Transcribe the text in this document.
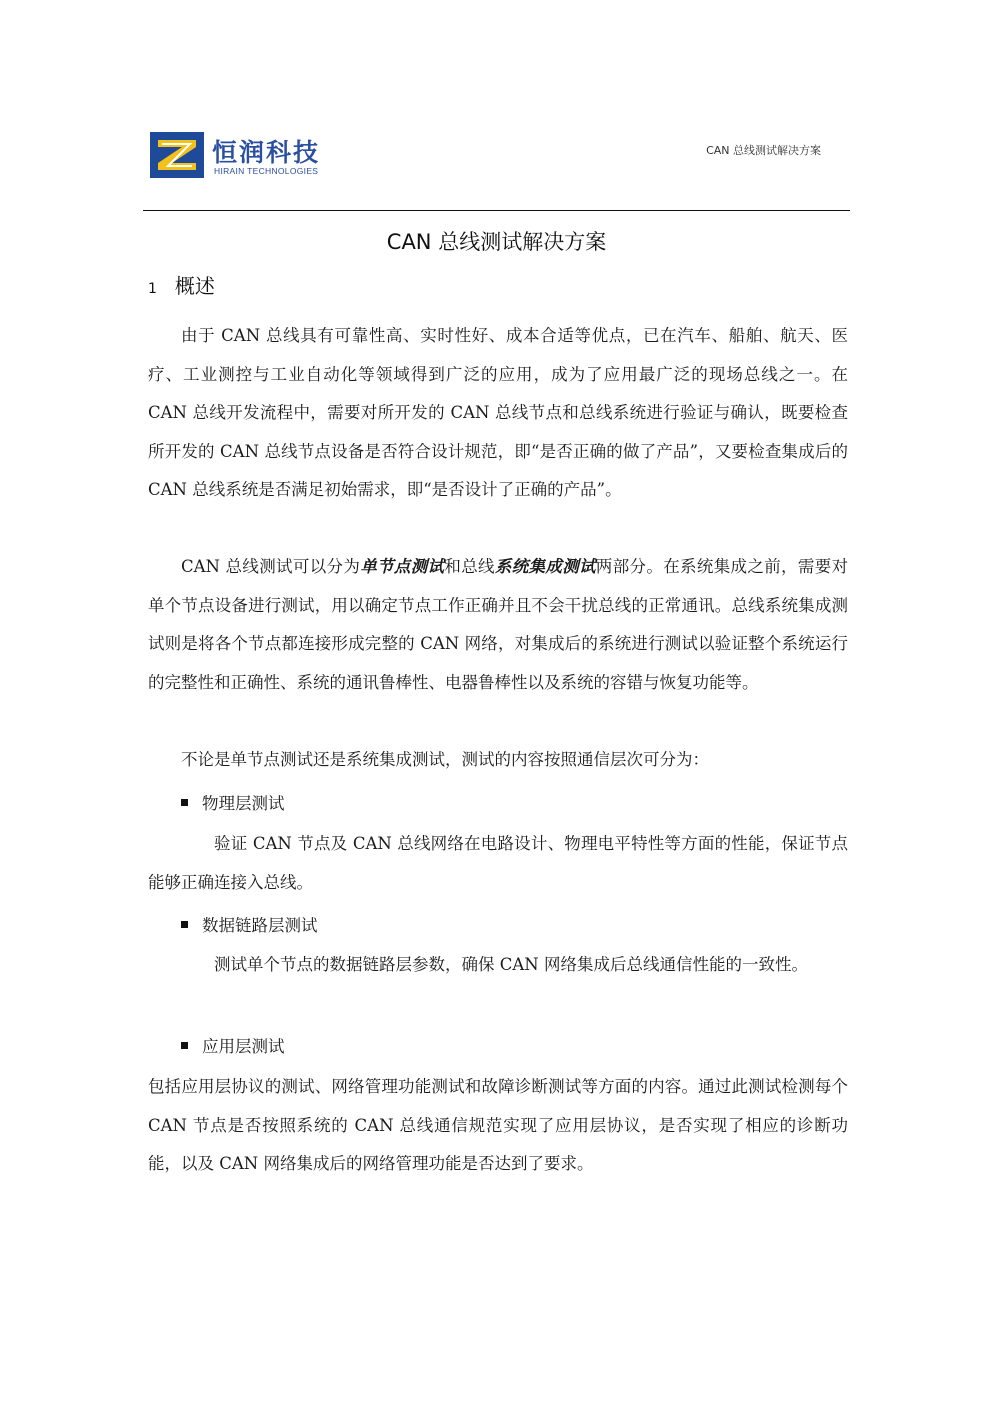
恒润科技
HIRAIN TECHNOLOGIES
CAN 总线测试解决方案
CAN 总线测试解决方案
1 概述
由于 CAN 总线具有可靠性高、实时性好、成本合适等优点，已在汽车、船舶、航天、医疗、工业测控与工业自动化等领域得到广泛的应用，成为了应用最广泛的现场总线之一。在 CAN 总线开发流程中，需要对所开发的 CAN 总线节点和总线系统进行验证与确认，既要检查所开发的 CAN 总线节点设备是否符合设计规范，即“是否正确的做了产品”，又要检查集成后的 CAN 总线系统是否满足初始需求，即“是否设计了正确的产品”。
CAN 总线测试可以分为单节点测试和总线系统集成测试两部分。在系统集成之前，需要对单个节点设备进行测试，用以确定节点工作正确并且不会干扰总线的正常通讯。总线系统集成测试则是将各个节点都连接形成完整的 CAN 网络，对集成后的系统进行测试以验证整个系统运行的完整性和正确性、系统的通讯鲁棒性、电器鲁棒性以及系统的容错与恢复功能等。
不论是单节点测试还是系统集成测试，测试的内容按照通信层次可分为：
物理层测试
验证 CAN 节点及 CAN 总线网络在电路设计、物理电平特性等方面的性能，保证节点能够正确连接入总线。
数据链路层测试
测试单个节点的数据链路层参数，确保 CAN 网络集成后总线通信性能的一致性。
应用层测试
包括应用层协议的测试、网络管理功能测试和故障诊断测试等方面的内容。通过此测试检测每个 CAN 节点是否按照系统的 CAN 总线通信规范实现了应用层协议，是否实现了相应的诊断功能，以及 CAN 网络集成后的网络管理功能是否达到了要求。
